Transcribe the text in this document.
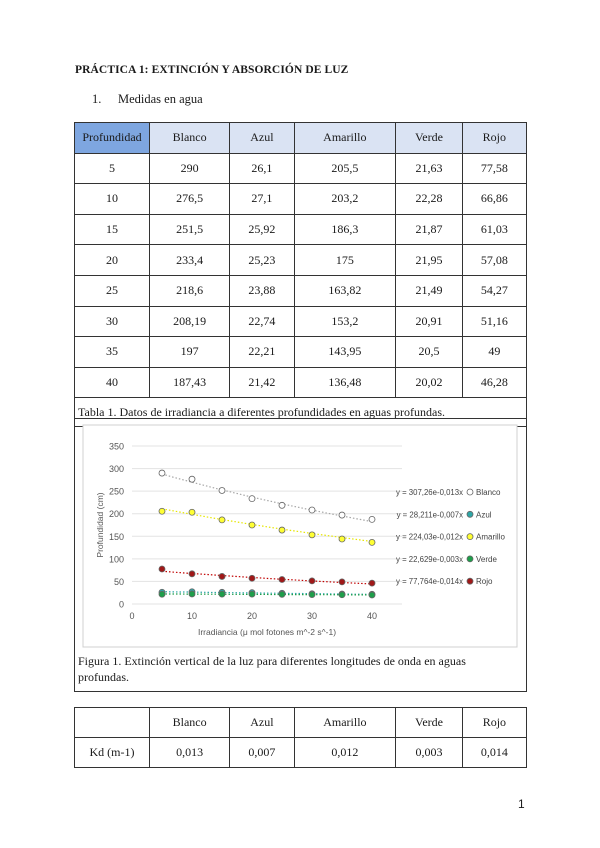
PRÁCTICA 1: EXTINCIÓN Y ABSORCIÓN DE LUZ
1. Medidas en agua
Profundidad	Blanco	Azul	Amarillo	Verde	Rojo
5	290	26,1	205,5	21,63	77,58
10	276,5	27,1	203,2	22,28	66,86
15	251,5	25,92	186,3	21,87	61,03
20	233,4	25,23	175	21,95	57,08
25	218,6	23,88	163,82	21,49	54,27
30	208,19	22,74	153,2	20,91	51,16
35	197	22,21	143,95	20,5	49
40	187,43	21,42	136,48	20,02	46,28
Tabla 1. Datos de irradiancia a diferentes profundidades en aguas profundas.					
0
50
100
150
200
250
300
350
0	10	20	30	40
Irradiancia (μ mol fotones m^-2 s^-1)
Profundidad (cm)	y = 307,26e-0,013x Blanco
y = 28,211e-0,007x Azul
y = 224,03e-0,012x Amarillo
y = 22,629e-0,003x Verde
y = 77,764e-0,014x Rojo
Figura 1. Extinción vertical de la luz para diferentes longitudes de onda en aguas profundas.
	Blanco	Azul	Amarillo	Verde	Rojo
Kd (m-1)	0,013	0,007	0,012	0,003	0,014
1
